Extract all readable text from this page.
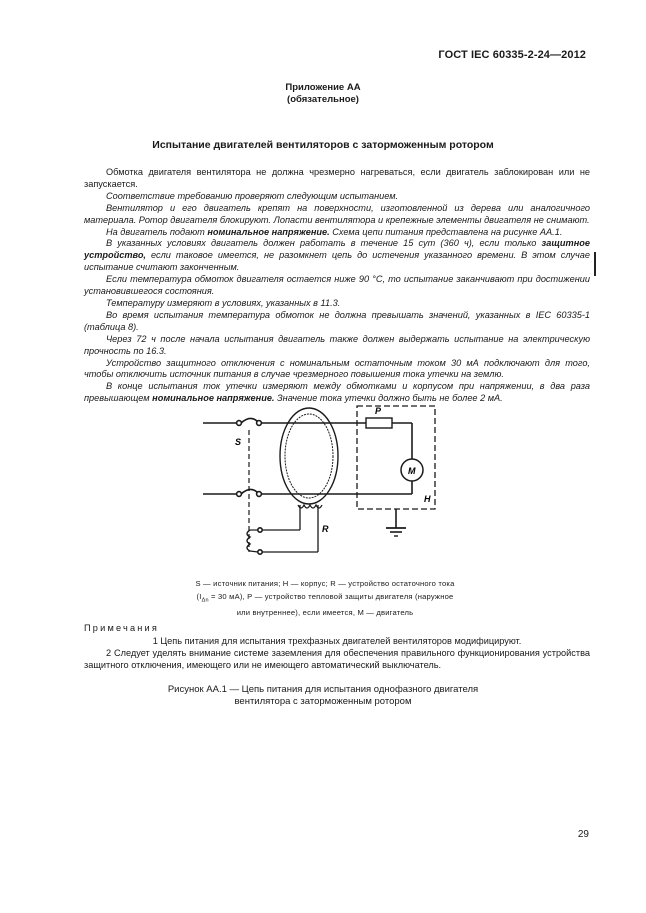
ГОСТ IEC 60335-2-24—2012
Приложение АА
(обязательное)
Испытание двигателей вентиляторов с заторможенным ротором

Обмотка двигателя вентилятора не должна чрезмерно нагреваться, если двигатель заблокирован или не запускается.

Соответствие требованию проверяют следующим испытанием.

Вентилятор и его двигатель крепят на поверхности, изготовленной из дерева или аналогичного материала. Ротор двигателя блокируют. Лопасти вентилятора и крепежные элементы двигателя не снимают.

На двигатель подают номинальное напряжение. Схема цепи питания представлена на рисунке АА.1.

В указанных условиях двигатель должен работать в течение 15 сут (360 ч), если только защитное устройство, если таковое имеется, не разомкнет цепь до истечения указанного времени. В этом случае испытание считают законченным.

Если температура обмоток двигателя остается ниже 90 °С, то испытание заканчивают при достижении установившегося состояния.

Температуру измеряют в условиях, указанных в 11.3.

Во время испытания температура обмоток не должна превышать значений, указанных в IEC 60335-1 (таблица 8).

Через 72 ч после начала испытания двигатель также должен выдержать испытание на электрическую прочность по 16.3.

Устройство защитного отключения с номинальным остаточным током 30 мА подключают для того, чтобы отключить источник питания в случае чрезмерного повышения тока утечки на землю.

В конце испытания ток утечки измеряют между обмотками и корпусом при напряжении, в два раза превышающем номинальное напряжение. Значение тока утечки должно быть не более 2 мА.

S
P
M
H
R
S — источник питания; H — корпус; R — устройство остаточного тока
($I_{\Delta n} = 30$ мА), P — устройство тепловой защиты двигателя (наружное
или внутреннее), если имеется, M — двигатель
Примечания

1 Цепь питания для испытания трехфазных двигателей вентиляторов модифицируют.

2 Следует уделять внимание системе заземления для обеспечения правильного функционирования устройства защитного отключения, имеющего или не имеющего автоматический выключатель.

Рисунок АА.1 — Цепь питания для испытания однофазного двигателя
вентилятора с заторможенным ротором
29
